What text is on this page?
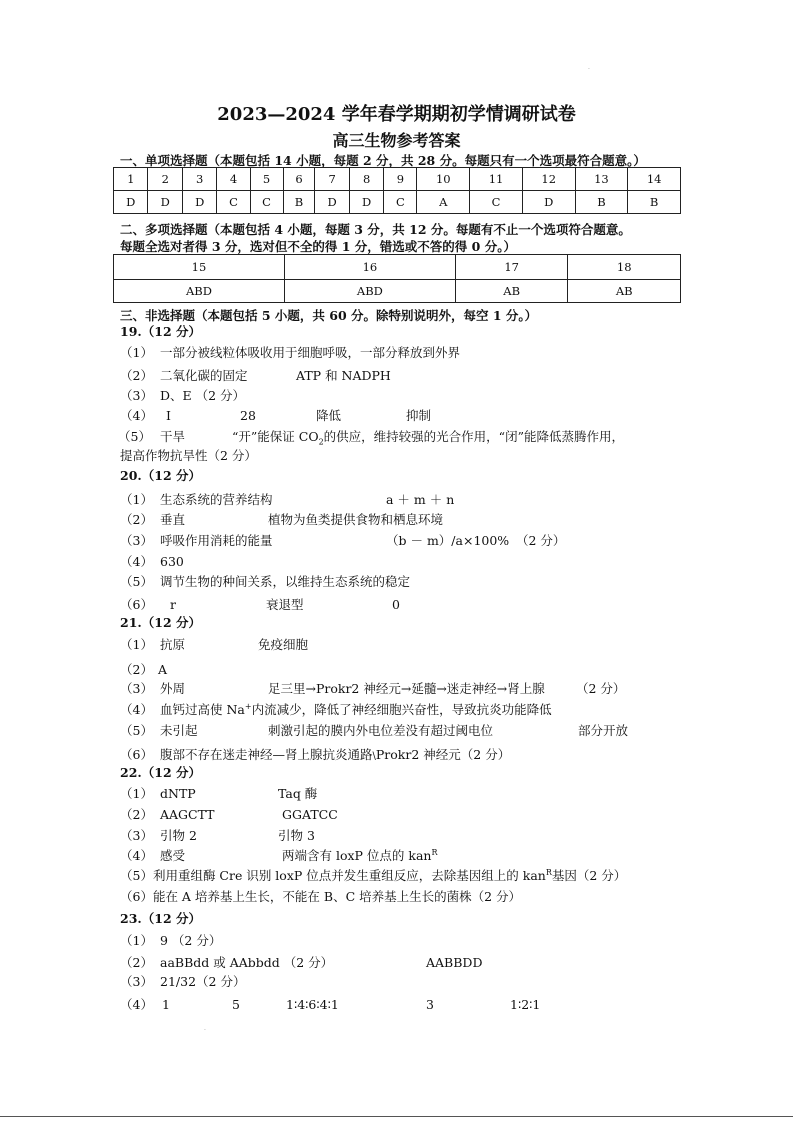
.
2023—2024 学年春学期期初学情调研试卷
高三生物参考答案
一、单项选择题（本题包括 14 小题，每题 2 分，共 28 分。每题只有一个选项最符合题意。）
1	2	3	4	5	6	7	8	9	10	11	12	13	14
D	D	D	C	C	B	D	D	C	A	C	D	B	B
二、多项选择题（本题包括 4 小题，每题 3 分，共 12 分。每题有不止一个选项符合题意。
每题全选对者得 3 分，选对但不全的得 1 分，错选或不答的得 0 分。）
15	16	17	18
ABD	ABD	AB	AB
三、非选择题（本题包括 5 小题，共 60 分。除特别说明外，每空 1 分。）
19.（12 分）
（1） 一部分被线粒体吸收用于细胞呼吸，一部分释放到外界
（2） 二氧化碳的固定	ATP 和 NADPH
（3） D、E （2 分）
（4） Ⅰ	28	降低	抑制
（5） 干旱	“开”能保证 $CO_2$的供应，维持较强的光合作用，“闭”能降低蒸腾作用，
提高作物抗旱性（2 分）
20.（12 分）
（1） 生态系统的营养结构	a ＋ m ＋ n
（2） 垂直	植物为鱼类提供食物和栖息环境
（3） 呼吸作用消耗的能量	（b － m）/a×100% （2 分）
（4） 630
（5） 调节生物的种间关系，以维持生态系统的稳定
（6） r	衰退型	0
21.（12 分）
（1） 抗原	免疫细胞
（2） A
（3） 外周	足三里→Prokr2 神经元→延髓→迷走神经→肾上腺 （2 分）
（4） 血钙过高使 Na+内流减少，降低了神经细胞兴奋性，导致抗炎功能降低
（5） 未引起	刺激引起的膜内外电位差没有超过阈电位	部分开放
（6） 腹部不存在迷走神经—肾上腺抗炎通路\Prokr2 神经元（2 分）
22.（12 分）
（1） dNTP	Taq 酶
（2） AAGCTT	GGATCC
（3） 引物 2	引物 3
（4） 感受	两端含有 loxP 位点的 kan$^R$
（5）利用重组酶 Cre 识别 loxP 位点并发生重组反应，去除基因组上的 kan$^R$基因（2 分）
（6）能在 A 培养基上生长，不能在 B、C 培养基上生长的菌株（2 分）
23.（12 分）
（1） 9 （2 分）
（2） aaBBdd 或 AAbbdd （2 分）	AABBDD
（3） 21/32（2 分）
（4） 1	5	1∶4∶6∶4∶1	3	1∶2∶1
.
